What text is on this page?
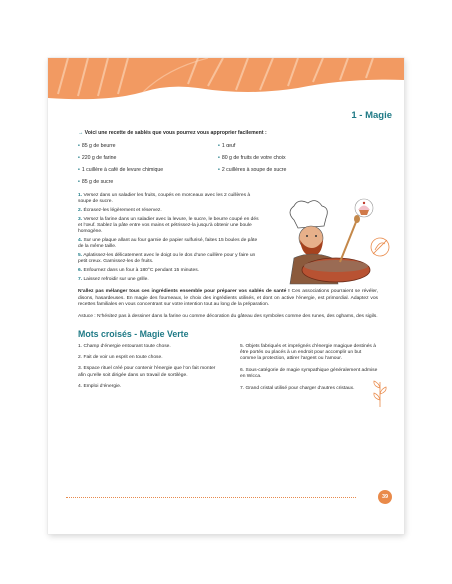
1 - Magie

→ Voici une recette de sablés que vous pourrez vous approprier facilement :

• 85 g de beurre	• 1 œuf
• 220 g de farine	• 80 g de fruits de votre choix
• 1 cuillère à café de levure chimique	• 2 cuillères à soupe de sucre
• 85 g de sucre

1. Versez dans un saladier les fruits, coupés en morceaux avec les 2 cuillères à soupe de sucre.

2. Écrasez-les légèrement et réservez.

3. Versez la farine dans un saladier avec la levure, le sucre, le beurre coupé en dés et l’œuf. Sablez la pâte entre vos mains et pétrissez-la jusqu’à obtenir une boule homogène.

4. Sur une plaque allant au four garnie de papier sulfurisé, faites 15 boules de pâte de la même taille.

5. Aplatissez-les délicatement avec le doigt ou le dos d’une cuillère pour y faire un petit creux. Garnissez-les de fruits.

6. Enfournez dans un four à 180°C pendant 15 minutes.

7. Laissez refroidir sur une grille.

N’allez pas mélanger tous ces ingrédients ensemble pour préparer vos sablés de santé ! Ces associations pourraient se révéler, disons, hasardeuses. En magie des fourneaux, le choix des ingrédients utilisés, et dont on active l’énergie, est primordial. Adaptez vos recettes familiales en vous concentrant sur votre intention tout au long de la préparation.

Astuce : N’hésitez pas à dessiner dans la farine ou comme décoration du gâteau des symboles comme des runes, des oghams, des sigils.

Mots croisés - Magie Verte

1. Champ d’énergie entourant toute chose.

2. Fait de voir un esprit en toute chose.

3. Espace rituel créé pour contenir l’énergie que l’on fait monter afin qu’elle soit dirigée dans un travail de sortilège.

4. Emploi d’énergie.

5. Objets fabriqués et imprégnés d’énergie magique destinés à être portés ou placés à un endroit pour accomplir un but comme la protection, attirer l’argent ou l’amour.

6. Sous-catégorie de magie sympathique généralement admise en Wicca.

7. Grand cristal utilisé pour charger d’autres cristaux.

39
